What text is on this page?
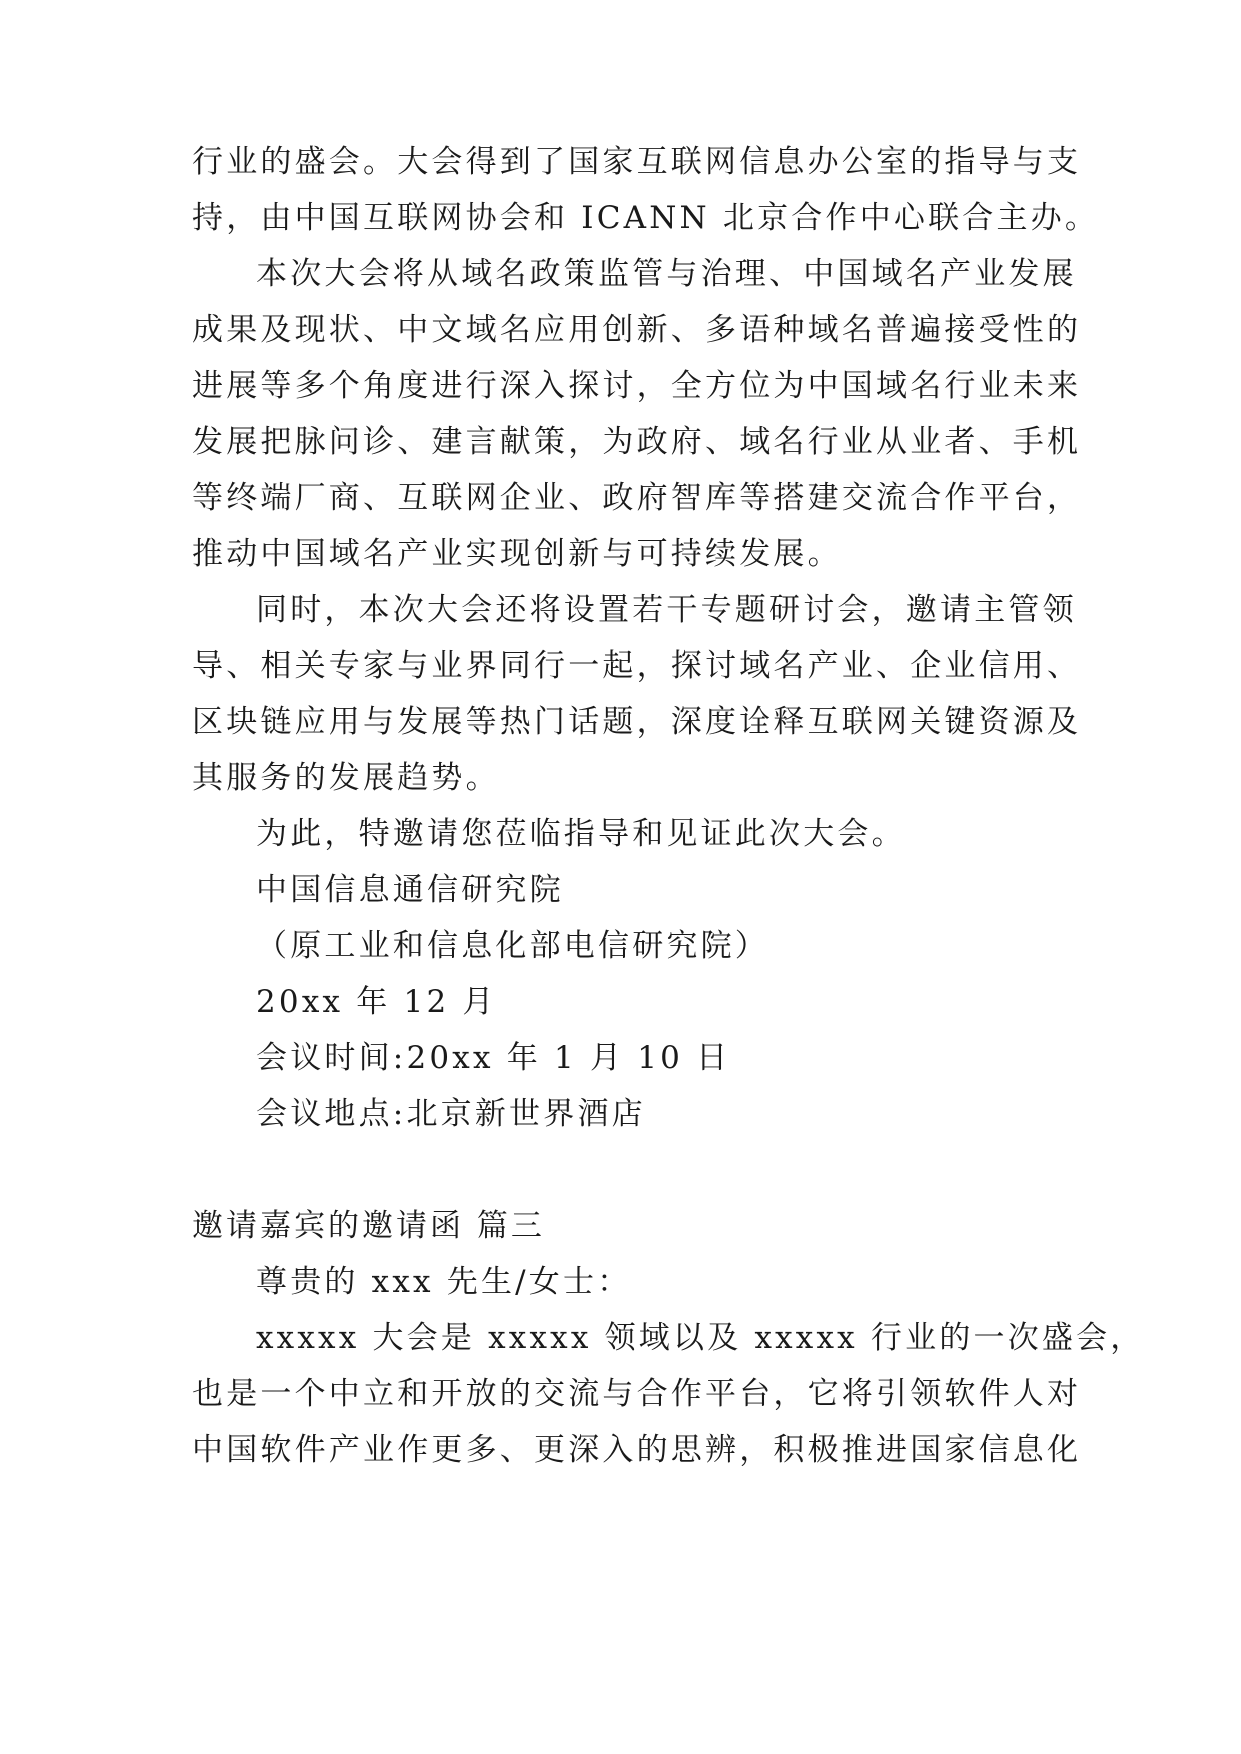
行业的盛会。大会得到了国家互联网信息办公室的指导与支
持，由中国互联网协会和 ICANN 北京合作中心联合主办。
本次大会将从域名政策监管与治理、中国域名产业发展
成果及现状、中文域名应用创新、多语种域名普遍接受性的
进展等多个角度进行深入探讨，全方位为中国域名行业未来
发展把脉问诊、建言献策，为政府、域名行业从业者、手机
等终端厂商、互联网企业、政府智库等搭建交流合作平台，
推动中国域名产业实现创新与可持续发展。
同时，本次大会还将设置若干专题研讨会，邀请主管领
导、相关专家与业界同行一起，探讨域名产业、企业信用、
区块链应用与发展等热门话题，深度诠释互联网关键资源及
其服务的发展趋势。
为此，特邀请您莅临指导和见证此次大会。
中国信息通信研究院
（原工业和信息化部电信研究院）
20xx 年 12 月
会议时间:20xx 年 1 月 10 日
会议地点:北京新世界酒店
邀请嘉宾的邀请函 篇三
尊贵的 xxx 先生/女士：
xxxxx 大会是 xxxxx 领域以及 xxxxx 行业的一次盛会，
也是一个中立和开放的交流与合作平台，它将引领软件人对
中国软件产业作更多、更深入的思辨，积极推进国家信息化
